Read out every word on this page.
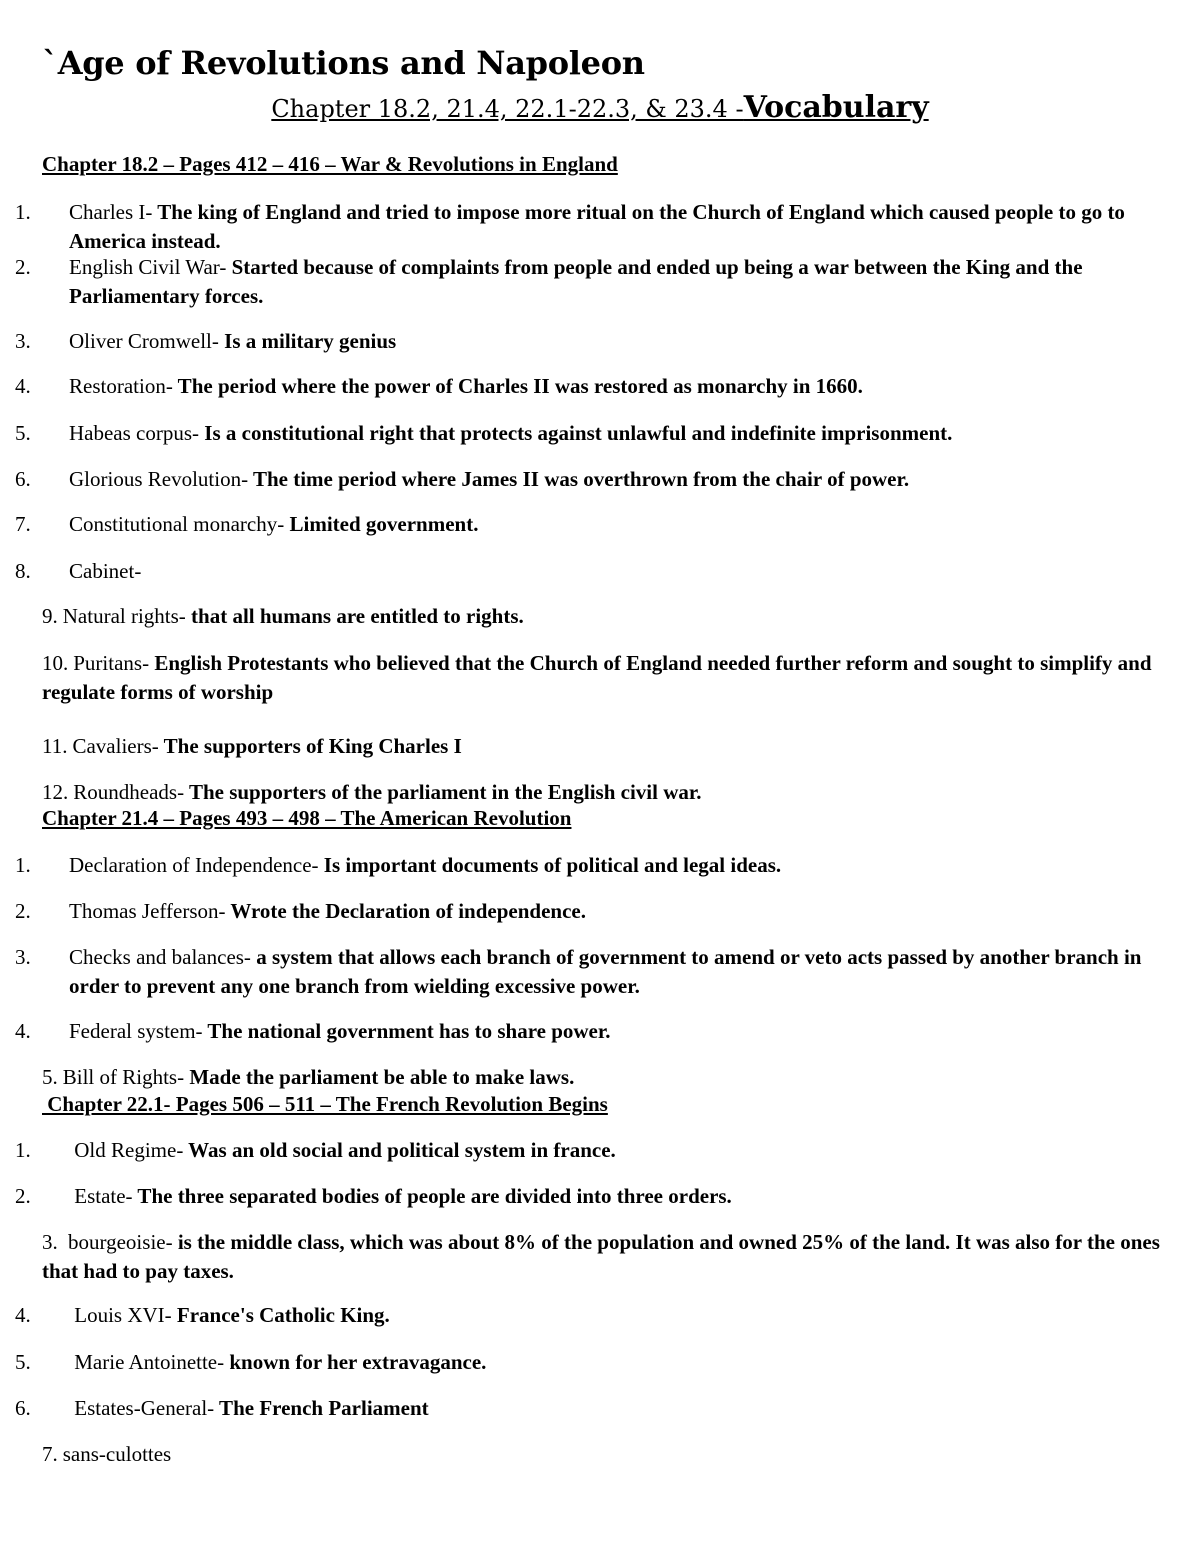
`Age of Revolutions and Napoleon
Chapter 18.2, 21.4, 22.1-22.3, & 23.4 -Vocabulary
Chapter 18.2 – Pages 412 – 416 – War & Revolutions in England
1. Charles I- The king of England and tried to impose more ritual on the Church of England which caused people to go to America instead.
2. English Civil War- Started because of complaints from people and ended up being a war between the King and the Parliamentary forces.
3. Oliver Cromwell- Is a military genius
4. Restoration- The period where the power of Charles II was restored as monarchy in 1660.
5. Habeas corpus- Is a constitutional right that protects against unlawful and indefinite imprisonment.
6. Glorious Revolution- The time period where James II was overthrown from the chair of power.
7. Constitutional monarchy- Limited government.
8. Cabinet-
9. Natural rights- that all humans are entitled to rights.
10. Puritans- English Protestants who believed that the Church of England needed further reform and sought to simplify and regulate forms of worship
11. Cavaliers- The supporters of King Charles I
12. Roundheads- The supporters of the parliament in the English civil war.
Chapter 21.4 – Pages 493 – 498 – The American Revolution
1. Declaration of Independence- Is important documents of political and legal ideas.
2. Thomas Jefferson- Wrote the Declaration of independence.
3. Checks and balances- a system that allows each branch of government to amend or veto acts passed by another branch in order to prevent any one branch from wielding excessive power.
4. Federal system- The national government has to share power.
5. Bill of Rights- Made the parliament be able to make laws.
Chapter 22.1- Pages 506 – 511 – The French Revolution Begins
1. Old Regime- Was an old social and political system in france.
2. Estate- The three separated bodies of people are divided into three orders.
3. bourgeoisie- is the middle class, which was about 8% of the population and owned 25% of the land. It was also for the ones that had to pay taxes.
4. Louis XVI- France's Catholic King.
5. Marie Antoinette- known for her extravagance.
6. Estates-General- The French Parliament
7. sans-culottes
